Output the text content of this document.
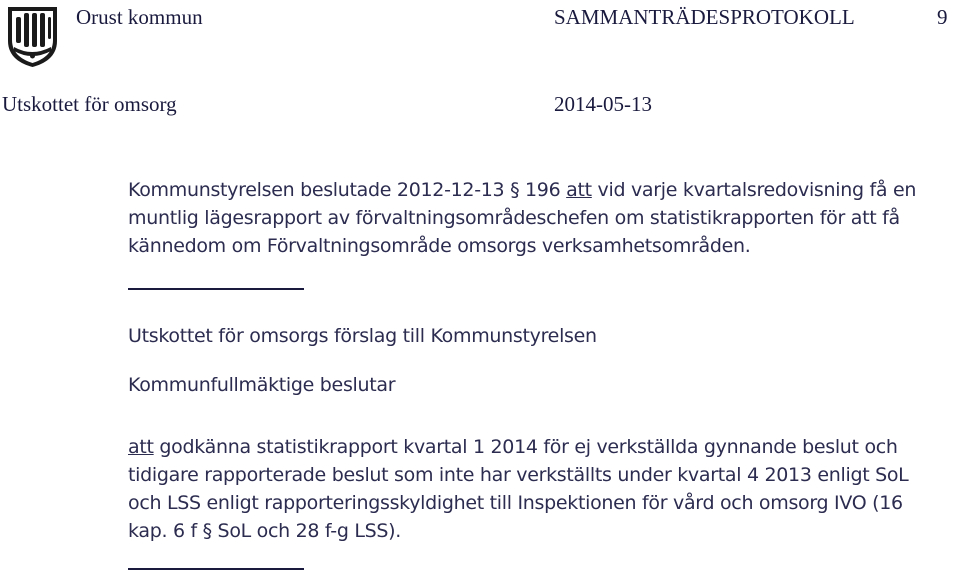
Orust kommun	SAMMANTRÄDESPROTOKOLL	9
Utskottet för omsorg	2014-05-13
Kommunstyrelsen beslutade 2012-12-13 § 196 att vid varje kvartalsredovisning få en muntlig lägesrapport av förvaltningsområdeschefen om statistikrapporten för att få kännedom om Förvaltningsområde omsorgs verksamhetsområden.
Utskottet för omsorgs förslag till Kommunstyrelsen
Kommunfullmäktige beslutar
att godkänna statistikrapport kvartal 1 2014 för ej verkställda gynnande beslut och tidigare rapporterade beslut som inte har verkställts under kvartal 4 2013 enligt SoL och LSS enligt rapporteringsskyldighet till Inspektionen för vård och omsorg IVO (16 kap. 6 f § SoL och 28 f-g LSS).
